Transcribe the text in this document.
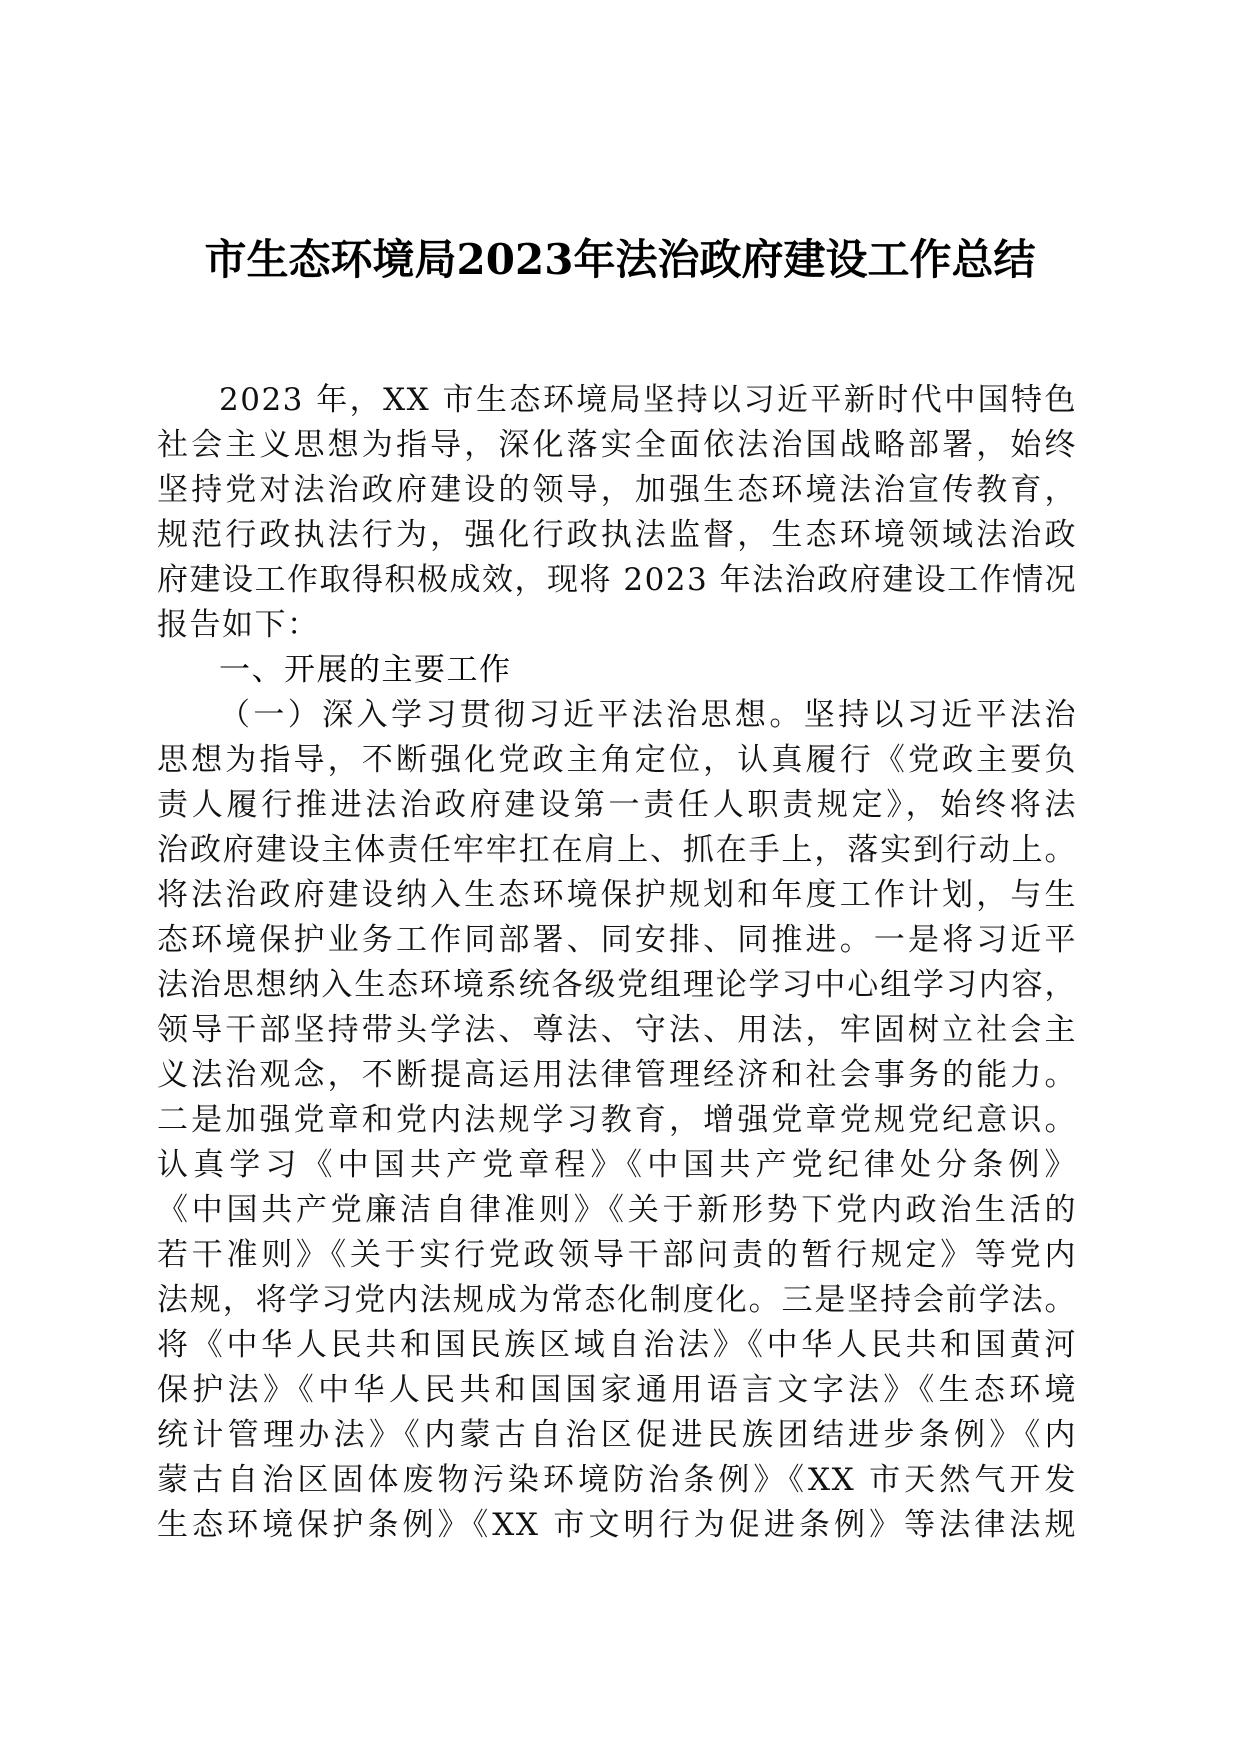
市生态环境局2023年法治政府建设工作总结
2023 年，XX 市生态环境局坚持以习近平新时代中国特色
社会主义思想为指导，深化落实全面依法治国战略部署，始终
坚持党对法治政府建设的领导，加强生态环境法治宣传教育，
规范行政执法行为，强化行政执法监督，生态环境领域法治政
府建设工作取得积极成效，现将 2023 年法治政府建设工作情况
报告如下：
一、开展的主要工作
（一）深入学习贯彻习近平法治思想。坚持以习近平法治
思想为指导，不断强化党政主角定位，认真履行《党政主要负
责人履行推进法治政府建设第一责任人职责规定》，始终将法
治政府建设主体责任牢牢扛在肩上、抓在手上，落实到行动上。
将法治政府建设纳入生态环境保护规划和年度工作计划，与生
态环境保护业务工作同部署、同安排、同推进。一是将习近平
法治思想纳入生态环境系统各级党组理论学习中心组学习内容，
领导干部坚持带头学法、尊法、守法、用法，牢固树立社会主
义法治观念，不断提高运用法律管理经济和社会事务的能力。
二是加强党章和党内法规学习教育，增强党章党规党纪意识。
认真学习《中国共产党章程》《中国共产党纪律处分条例》
《中国共产党廉洁自律准则》《关于新形势下党内政治生活的
若干准则》《关于实行党政领导干部问责的暂行规定》等党内
法规，将学习党内法规成为常态化制度化。三是坚持会前学法。
将《中华人民共和国民族区域自治法》《中华人民共和国黄河
保护法》《中华人民共和国国家通用语言文字法》《生态环境
统计管理办法》《内蒙古自治区促进民族团结进步条例》《内
蒙古自治区固体废物污染环境防治条例》《XX 市天然气开发
生态环境保护条例》《XX 市文明行为促进条例》等法律法规
